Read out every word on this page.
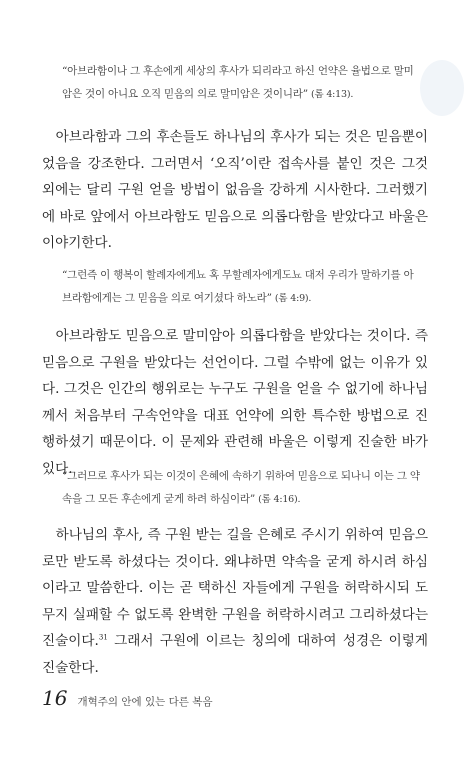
“아브라함이나 그 후손에게 세상의 후사가 되리라고 하신 언약은 율법으로 말미암은 것이 아니요 오직 믿음의 의로 말미암은 것이니라” (롬 4:13).
아브라함과 그의 후손들도 하나님의 후사가 되는 것은 믿음뿐이었음을 강조한다. 그러면서 ‘오직’이란 접속사를 붙인 것은 그것 외에는 달리 구원 얻을 방법이 없음을 강하게 시사한다. 그러했기에 바로 앞에서 아브라함도 믿음으로 의롭다함을 받았다고 바울은 이야기한다.
“그런즉 이 행복이 할례자에게뇨 혹 무할례자에게도뇨 대저 우리가 말하기를 아브라함에게는 그 믿음을 의로 여기셨다 하노라” (롬 4:9).
아브라함도 믿음으로 말미암아 의롭다함을 받았다는 것이다. 즉 믿음으로 구원을 받았다는 선언이다. 그럴 수밖에 없는 이유가 있다. 그것은 인간의 행위로는 누구도 구원을 얻을 수 없기에 하나님께서 처음부터 구속언약을 대표 언약에 의한 특수한 방법으로 진행하셨기 때문이다. 이 문제와 관련해 바울은 이렇게 진술한 바가 있다.
“그러므로 후사가 되는 이것이 은혜에 속하기 위하여 믿음으로 되나니 이는 그 약속을 그 모든 후손에게 굳게 하려 하심이라” (롬 4:16).
하나님의 후사, 즉 구원 받는 길을 은혜로 주시기 위하여 믿음으로만 받도록 하셨다는 것이다. 왜냐하면 약속을 굳게 하시려 하심이라고 말씀한다. 이는 곧 택하신 자들에게 구원을 허락하시되 도무지 실패할 수 없도록 완벽한 구원을 허락하시려고 그리하셨다는 진술이다.$^{31}$ 그래서 구원에 이르는 칭의에 대하여 성경은 이렇게 진술한다.
16 개혁주의 안에 있는 다른 복음
